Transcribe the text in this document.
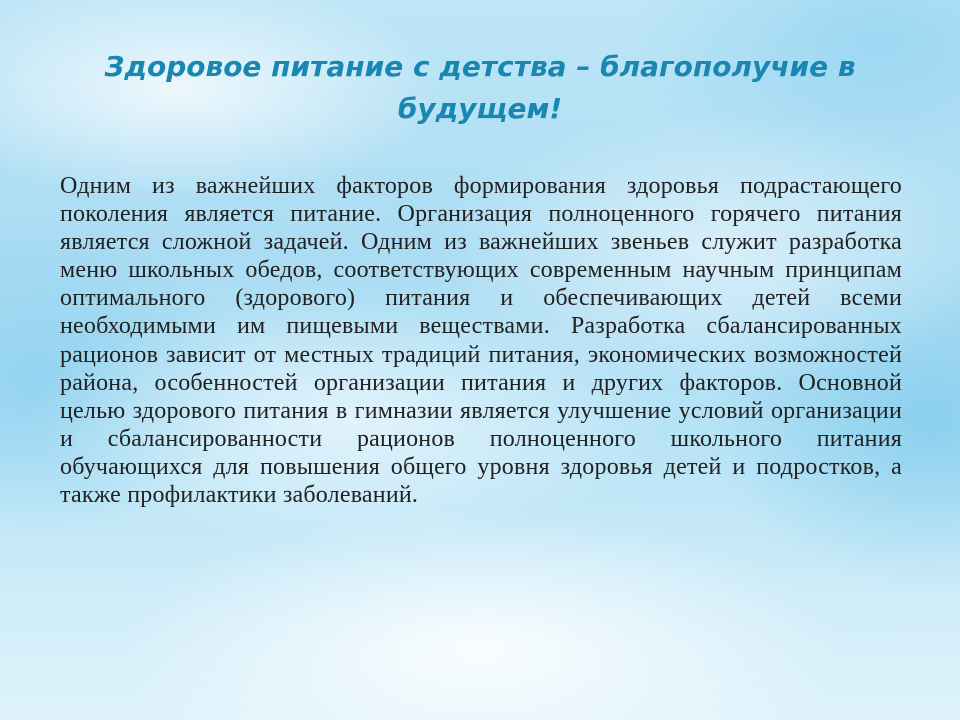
Здоровое питание с детства – благополучие в будущем!

Одним из важнейших факторов формирования здоровья подрастающего поколения является питание. Организация полноценного горячего питания является сложной задачей. Одним из важнейших звеньев служит разработка меню школьных обедов, соответствующих современным научным принципам оптимального (здорового) питания и обеспечивающих детей всеми необходимыми им пищевыми веществами. Разработка сбалансированных рационов зависит от местных традиций питания, экономических возможностей района, особенностей организации питания и других факторов. Основной целью здорового питания в гимназии является улучшение условий организации и сбалансированности рационов полноценного школьного питания обучающихся для повышения общего уровня здоровья детей и подростков, а также профилактики заболеваний.
